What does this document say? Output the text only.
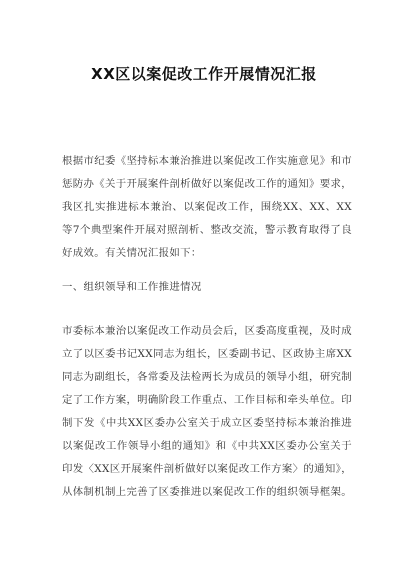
XX区以案促改工作开展情况汇报

根据市纪委《坚持标本兼治推进以案促改工作实施意见》和市惩防办《关于开展案件剖析做好以案促改工作的通知》要求，我区扎实推进标本兼治、以案促改工作，围绕XX、XX、XX等7个典型案件开展对照剖析、整改交流，警示教育取得了良好成效。有关情况汇报如下：

一、组织领导和工作推进情况

市委标本兼治以案促改工作动员会后，区委高度重视，及时成立了以区委书记XX同志为组长，区委副书记、区政协主席XX同志为副组长，各常委及法检两长为成员的领导小组，研究制定了工作方案，明确阶段工作重点、工作目标和牵头单位。印制下发《中共XX区委办公室关于成立区委坚持标本兼治推进以案促改工作领导小组的通知》和《中共XX区委办公室关于印发〈XX区开展案件剖析做好以案促改工作方案〉的通知》，从体制机制上完善了区委推进以案促改工作的组织领导框架。
